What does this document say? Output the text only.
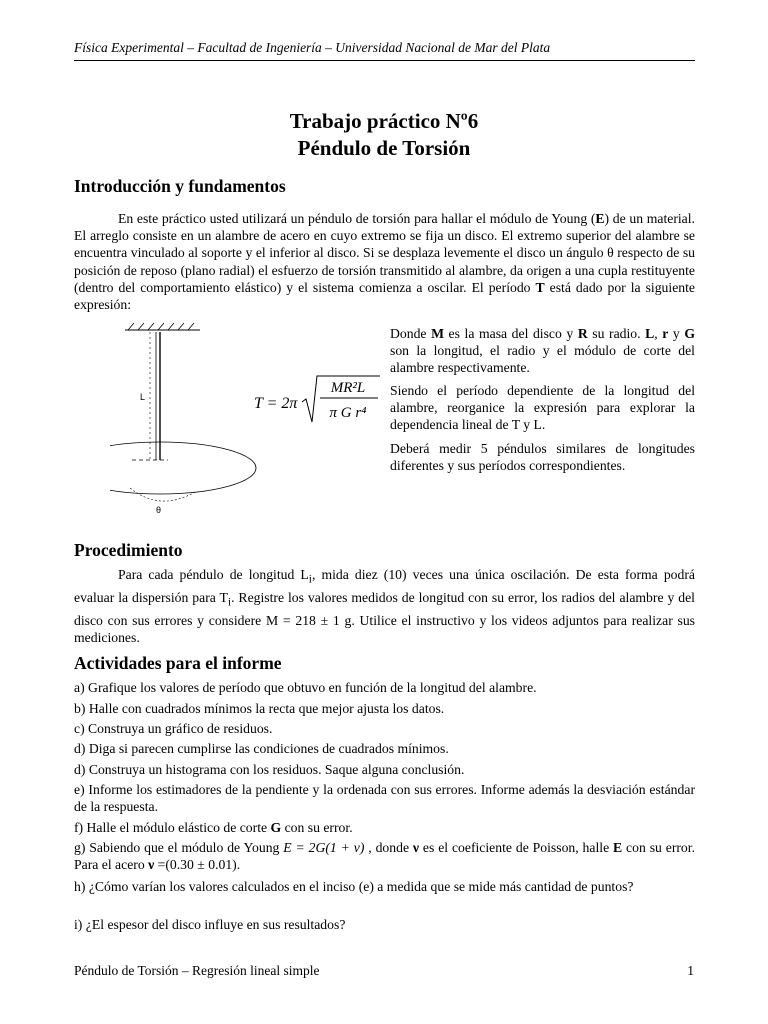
Física Experimental – Facultad de Ingeniería – Universidad Nacional de Mar del Plata
Trabajo práctico Nº6
Péndulo de Torsión
Introducción y fundamentos

En este práctico usted utilizará un péndulo de torsión para hallar el módulo de Young (E) de un material. El arreglo consiste en un alambre de acero en cuyo extremo se fija un disco. El extremo superior del alambre se encuentra vinculado al soporte y el inferior al disco. Si se desplaza levemente el disco un ángulo θ respecto de su posición de reposo (plano radial) el esfuerzo de torsión transmitido al alambre, da origen a una cupla restituyente (dentro del comportamiento elástico) y el sistema comienza a oscilar. El período T está dado por la siguiente expresión:

L
θ
T = 2π
MR²L
π G r⁴

Donde M es la masa del disco y R su radio. L, r y G son la longitud, el radio y el módulo de corte del alambre respectivamente.

Siendo el período dependiente de la longitud del alambre, reorganice la expresión para explorar la dependencia lineal de T y L.

Deberá medir 5 péndulos similares de longitudes diferentes y sus períodos correspondientes.

Procedimiento

Para cada péndulo de longitud $L_i$, mida diez (10) veces una única oscilación. De esta forma podrá evaluar la dispersión para $T_i$. Registre los valores medidos de longitud con su error, los radios del alambre y del disco con sus errores y considere M = 218 ± 1 g. Utilice el instructivo y los videos adjuntos para realizar sus mediciones.

Actividades para el informe

a) Grafique los valores de período que obtuvo en función de la longitud del alambre.

b) Halle con cuadrados mínimos la recta que mejor ajusta los datos.

c) Construya un gráfico de residuos.

d) Diga si parecen cumplirse las condiciones de cuadrados mínimos.

d) Construya un histograma con los residuos. Saque alguna conclusión.

e) Informe los estimadores de la pendiente y la ordenada con sus errores. Informe además la desviación estándar de la respuesta.

f) Halle el módulo elástico de corte G con su error.

g) Sabiendo que el módulo de Young E = 2G(1 + ν) , donde ν es el coeficiente de Poisson, halle E con su error. Para el acero ν =(0.30 ± 0.01).

h) ¿Cómo varían los valores calculados en el inciso (e) a medida que se mide más cantidad de puntos?

i) ¿El espesor del disco influye en sus resultados?

Péndulo de Torsión – Regresión lineal simple	1
